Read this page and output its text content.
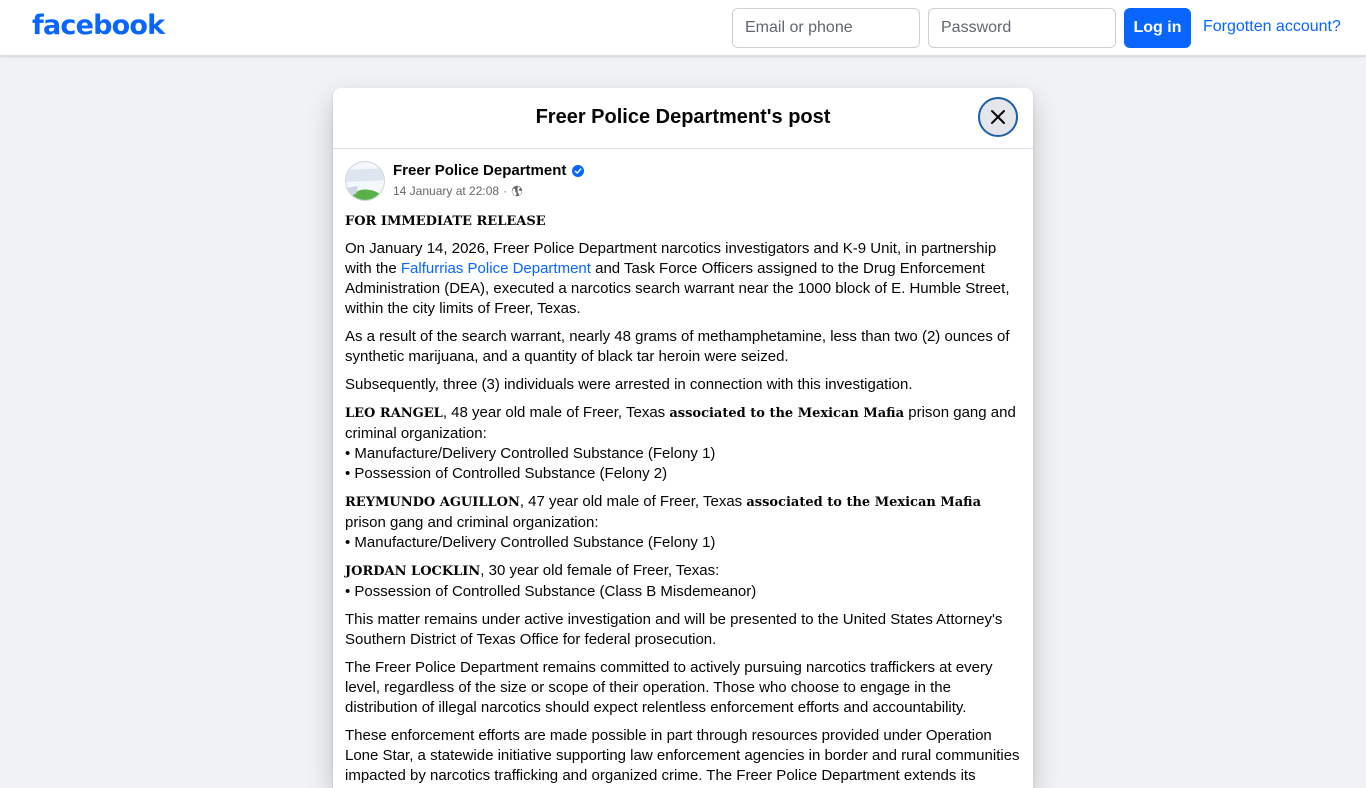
facebook
Email or phone	Log in	Forgotten account?
Freer Police Department's post
Freer Police Department
14 January at 22:08 ·

FOR IMMEDIATE RELEASE

On January 14, 2026, Freer Police Department narcotics investigators and K-9 Unit, in partnership with the Falfurrias Police Department and Task Force Officers assigned to the Drug Enforcement Administration (DEA), executed a narcotics search warrant near the 1000 block of E. Humble Street, within the city limits of Freer, Texas.

As a result of the search warrant, nearly 48 grams of methamphetamine, less than two (2) ounces of synthetic marijuana, and a quantity of black tar heroin were seized.

Subsequently, three (3) individuals were arrested in connection with this investigation.

LEO RANGEL, 48 year old male of Freer, Texas associated to the Mexican Mafia prison gang and criminal organization:
• Manufacture/Delivery Controlled Substance (Felony 1)
• Possession of Controlled Substance (Felony 2)

REYMUNDO AGUILLON, 47 year old male of Freer, Texas associated to the Mexican Mafia prison gang and criminal organization:
• Manufacture/Delivery Controlled Substance (Felony 1)

JORDAN LOCKLIN, 30 year old female of Freer, Texas:
• Possession of Controlled Substance (Class B Misdemeanor)

This matter remains under active investigation and will be presented to the United States Attorney's Southern District of Texas Office for federal prosecution.

The Freer Police Department remains committed to actively pursuing narcotics traffickers at every level, regardless of the size or scope of their operation. Those who choose to engage in the distribution of illegal narcotics should expect relentless enforcement efforts and accountability.

These enforcement efforts are made possible in part through resources provided under Operation Lone Star, a statewide initiative supporting law enforcement agencies in border and rural communities impacted by narcotics trafficking and organized crime. The Freer Police Department extends its
